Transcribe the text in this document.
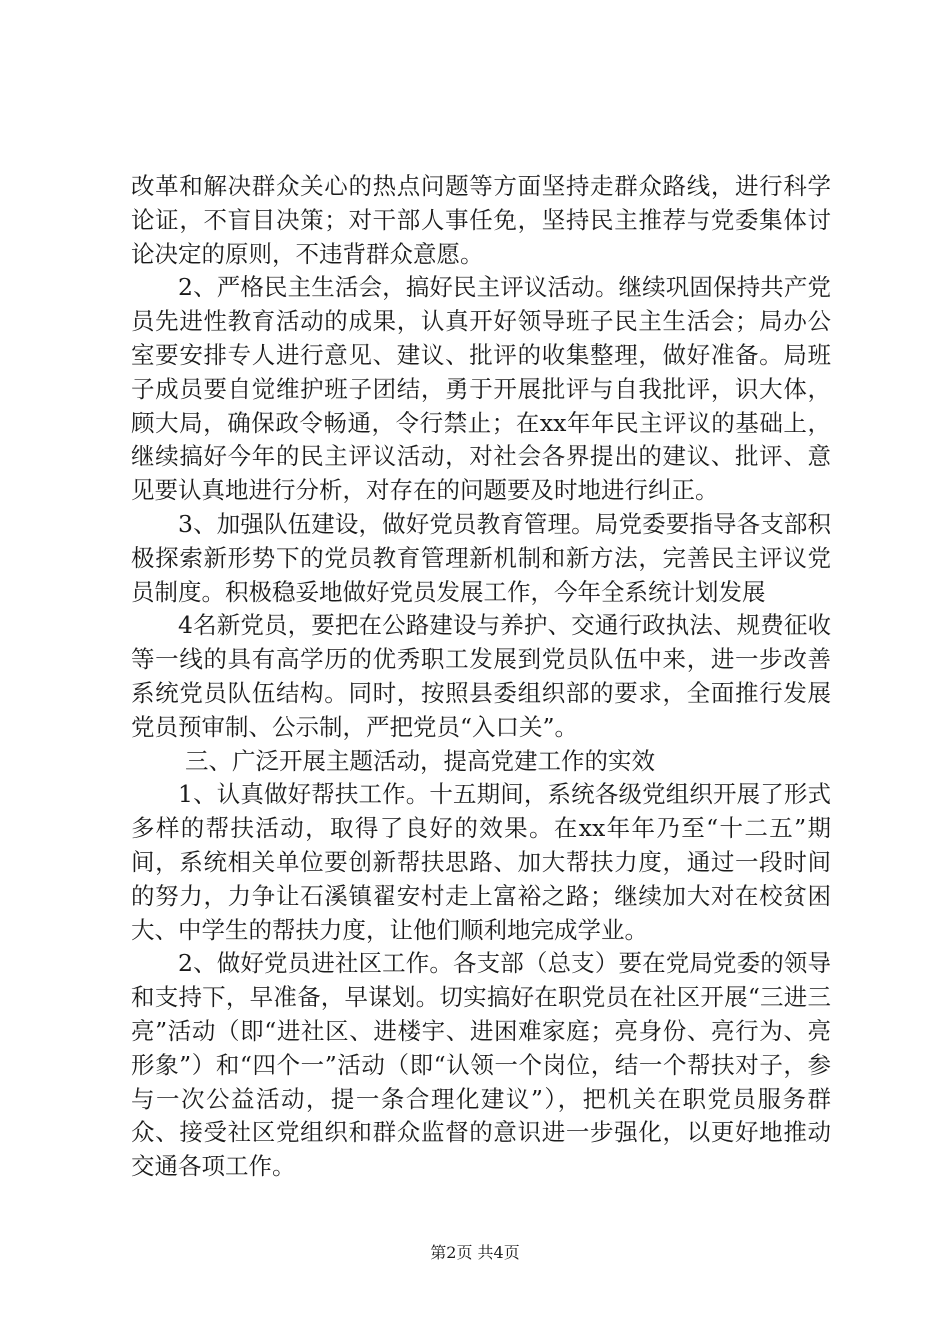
改革和解决群众关心的热点问题等方面坚持走群众路线，进行科学论证，不盲目决策；对干部人事任免，坚持民主推荐与党委集体讨论决定的原则，不违背群众意愿。

2、严格民主生活会，搞好民主评议活动。继续巩固保持共产党员先进性教育活动的成果，认真开好领导班子民主生活会；局办公室要安排专人进行意见、建议、批评的收集整理，做好准备。局班子成员要自觉维护班子团结，勇于开展批评与自我批评，识大体，顾大局，确保政令畅通，令行禁止；在xx年年民主评议的基础上，继续搞好今年的民主评议活动，对社会各界提出的建议、批评、意见要认真地进行分析，对存在的问题要及时地进行纠正。

3、加强队伍建设，做好党员教育管理。局党委要指导各支部积极探索新形势下的党员教育管理新机制和新方法，完善民主评议党员制度。积极稳妥地做好党员发展工作，今年全系统计划发展

4名新党员，要把在公路建设与养护、交通行政执法、规费征收等一线的具有高学历的优秀职工发展到党员队伍中来，进一步改善系统党员队伍结构。同时，按照县委组织部的要求，全面推行发展党员预审制、公示制，严把党员“入口关”。

三、广泛开展主题活动，提高党建工作的实效

1、认真做好帮扶工作。十五期间，系统各级党组织开展了形式多样的帮扶活动，取得了良好的效果。在xx年年乃至“十二五”期间，系统相关单位要创新帮扶思路、加大帮扶力度，通过一段时间的努力，力争让石溪镇翟安村走上富裕之路；继续加大对在校贫困大、中学生的帮扶力度，让他们顺利地完成学业。

2、做好党员进社区工作。各支部（总支）要在党局党委的领导和支持下，早准备，早谋划。切实搞好在职党员在社区开展“三进三亮”活动（即“进社区、进楼宇、进困难家庭；亮身份、亮行为、亮形象”）和“四个一”活动（即“认领一个岗位，结一个帮扶对子，参与一次公益活动，提一条合理化建议”），把机关在职党员服务群众、接受社区党组织和群众监督的意识进一步强化，以更好地推动交通各项工作。

第2页 共4页
